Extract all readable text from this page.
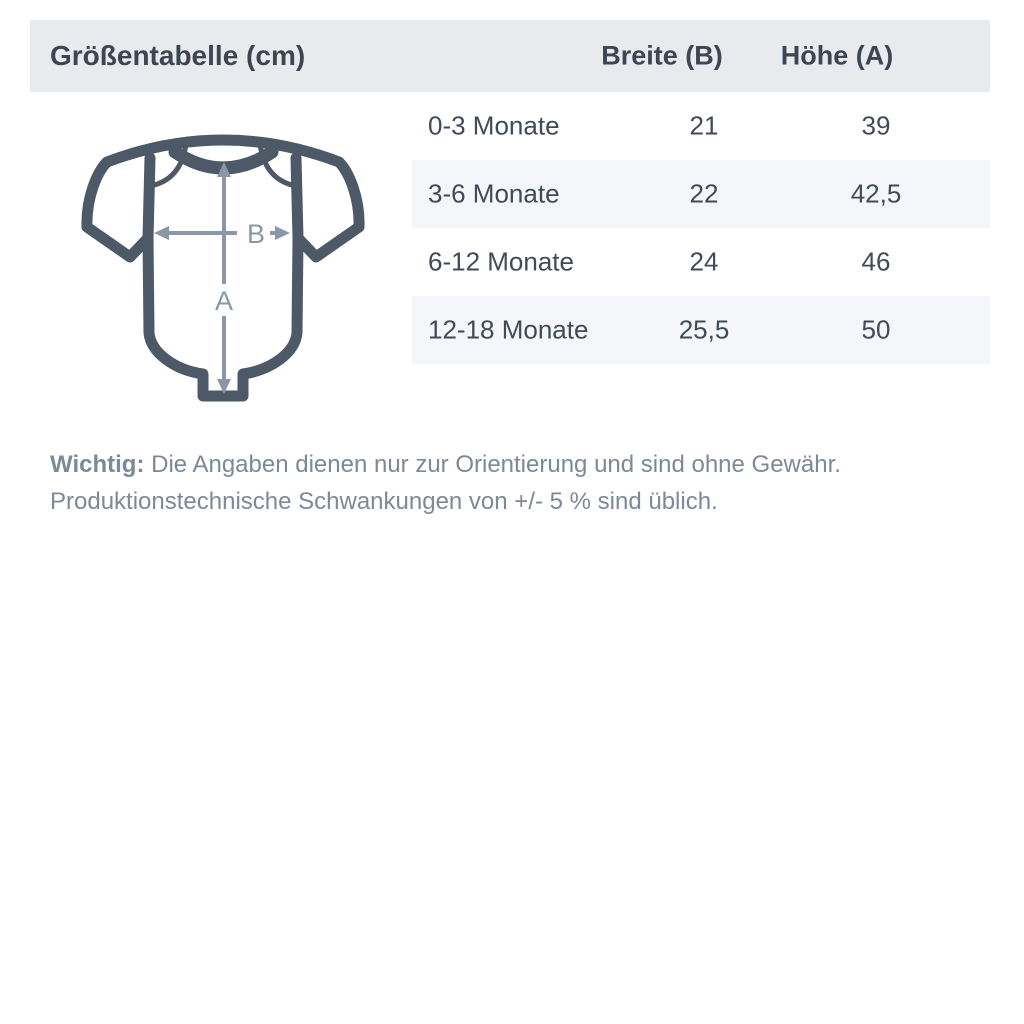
Größentabelle (cm)	Breite (B) Höhe (A)
0-3 Monate	21	39
3-6 Monate	22	42,5
6-12 Monate	24	46
12-18 Monate	25,5	50
A
B

Wichtig: Die Angaben dienen nur zur Orientierung und sind ohne Gewähr.
Produktionstechnische Schwankungen von +/- 5 % sind üblich.
